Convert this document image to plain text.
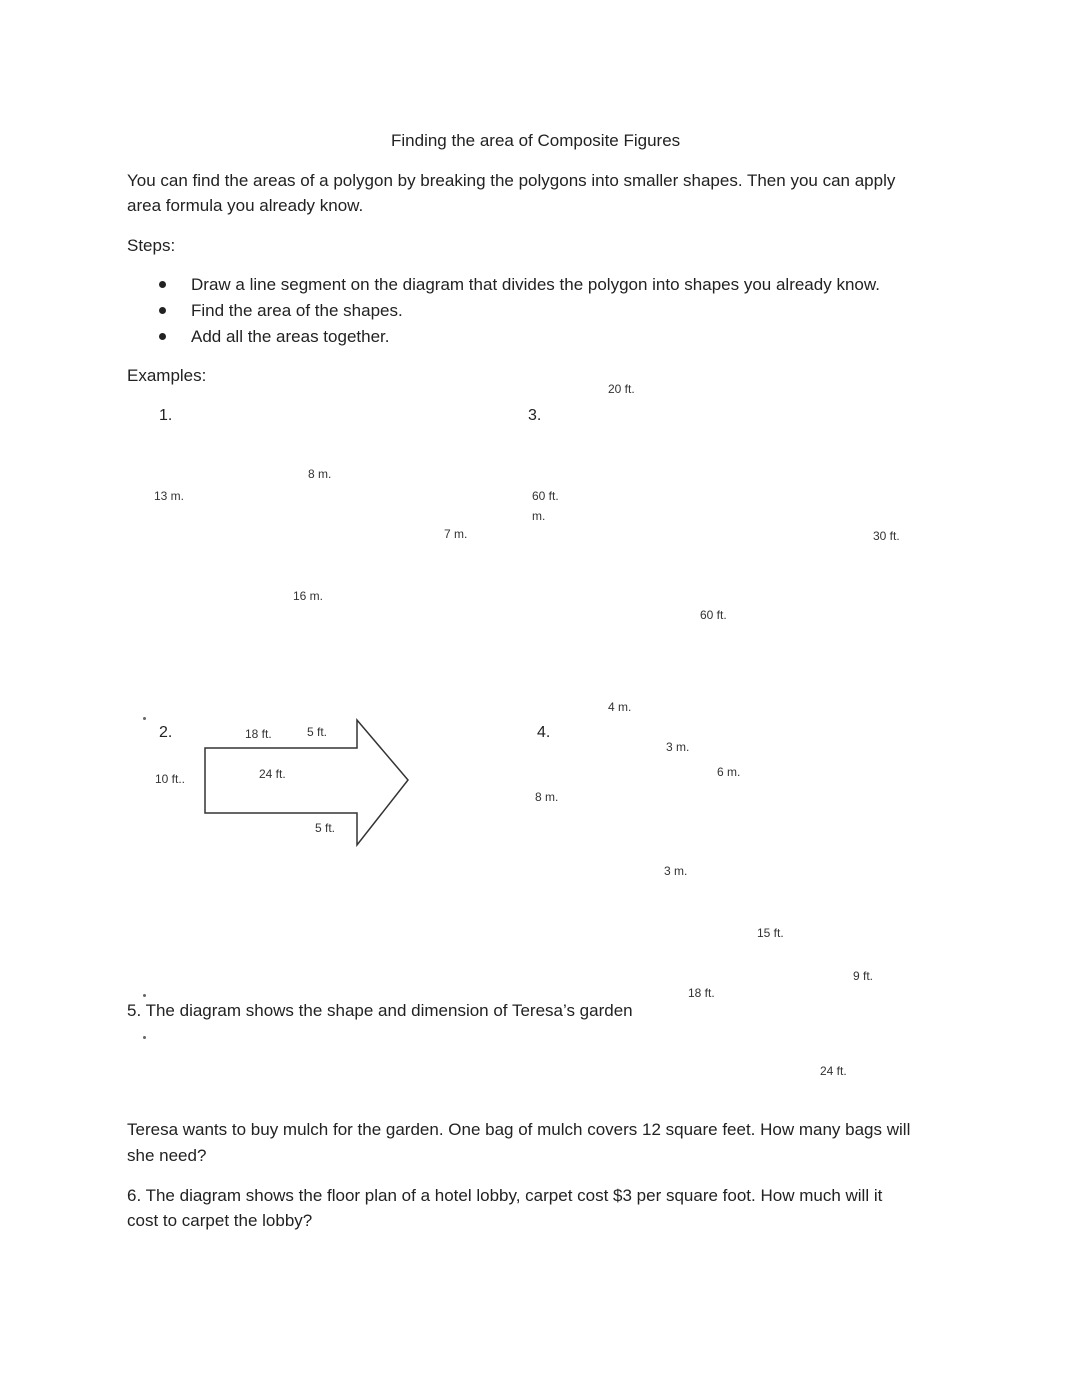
Finding the area of Composite Figures
You can find the areas of a polygon by breaking the polygons into smaller shapes. Then you can apply
area formula you already know.
Steps:
Draw a line segment on the diagram that divides the polygon into shapes you already know.
Find the area of the shapes.
Add all the areas together.
Examples:
1.
8 m.
13 m.
7 m.
16 m.
3.
20 ft.
60 ft.
m.
30 ft.
60 ft.
2.	18 ft.	5 ft.
24 ft.
10 ft..
5 ft.
4.
4 m.
3 m.
6 m.
8 m.
3 m.
15 ft.
9 ft.
18 ft.
5. The diagram shows the shape and dimension of Teresa’s garden
24 ft.
Teresa wants to buy mulch for the garden. One bag of mulch covers 12 square feet. How many bags will
she need?
6. The diagram shows the floor plan of a hotel lobby, carpet cost $3 per square foot. How much will it
cost to carpet the lobby?
